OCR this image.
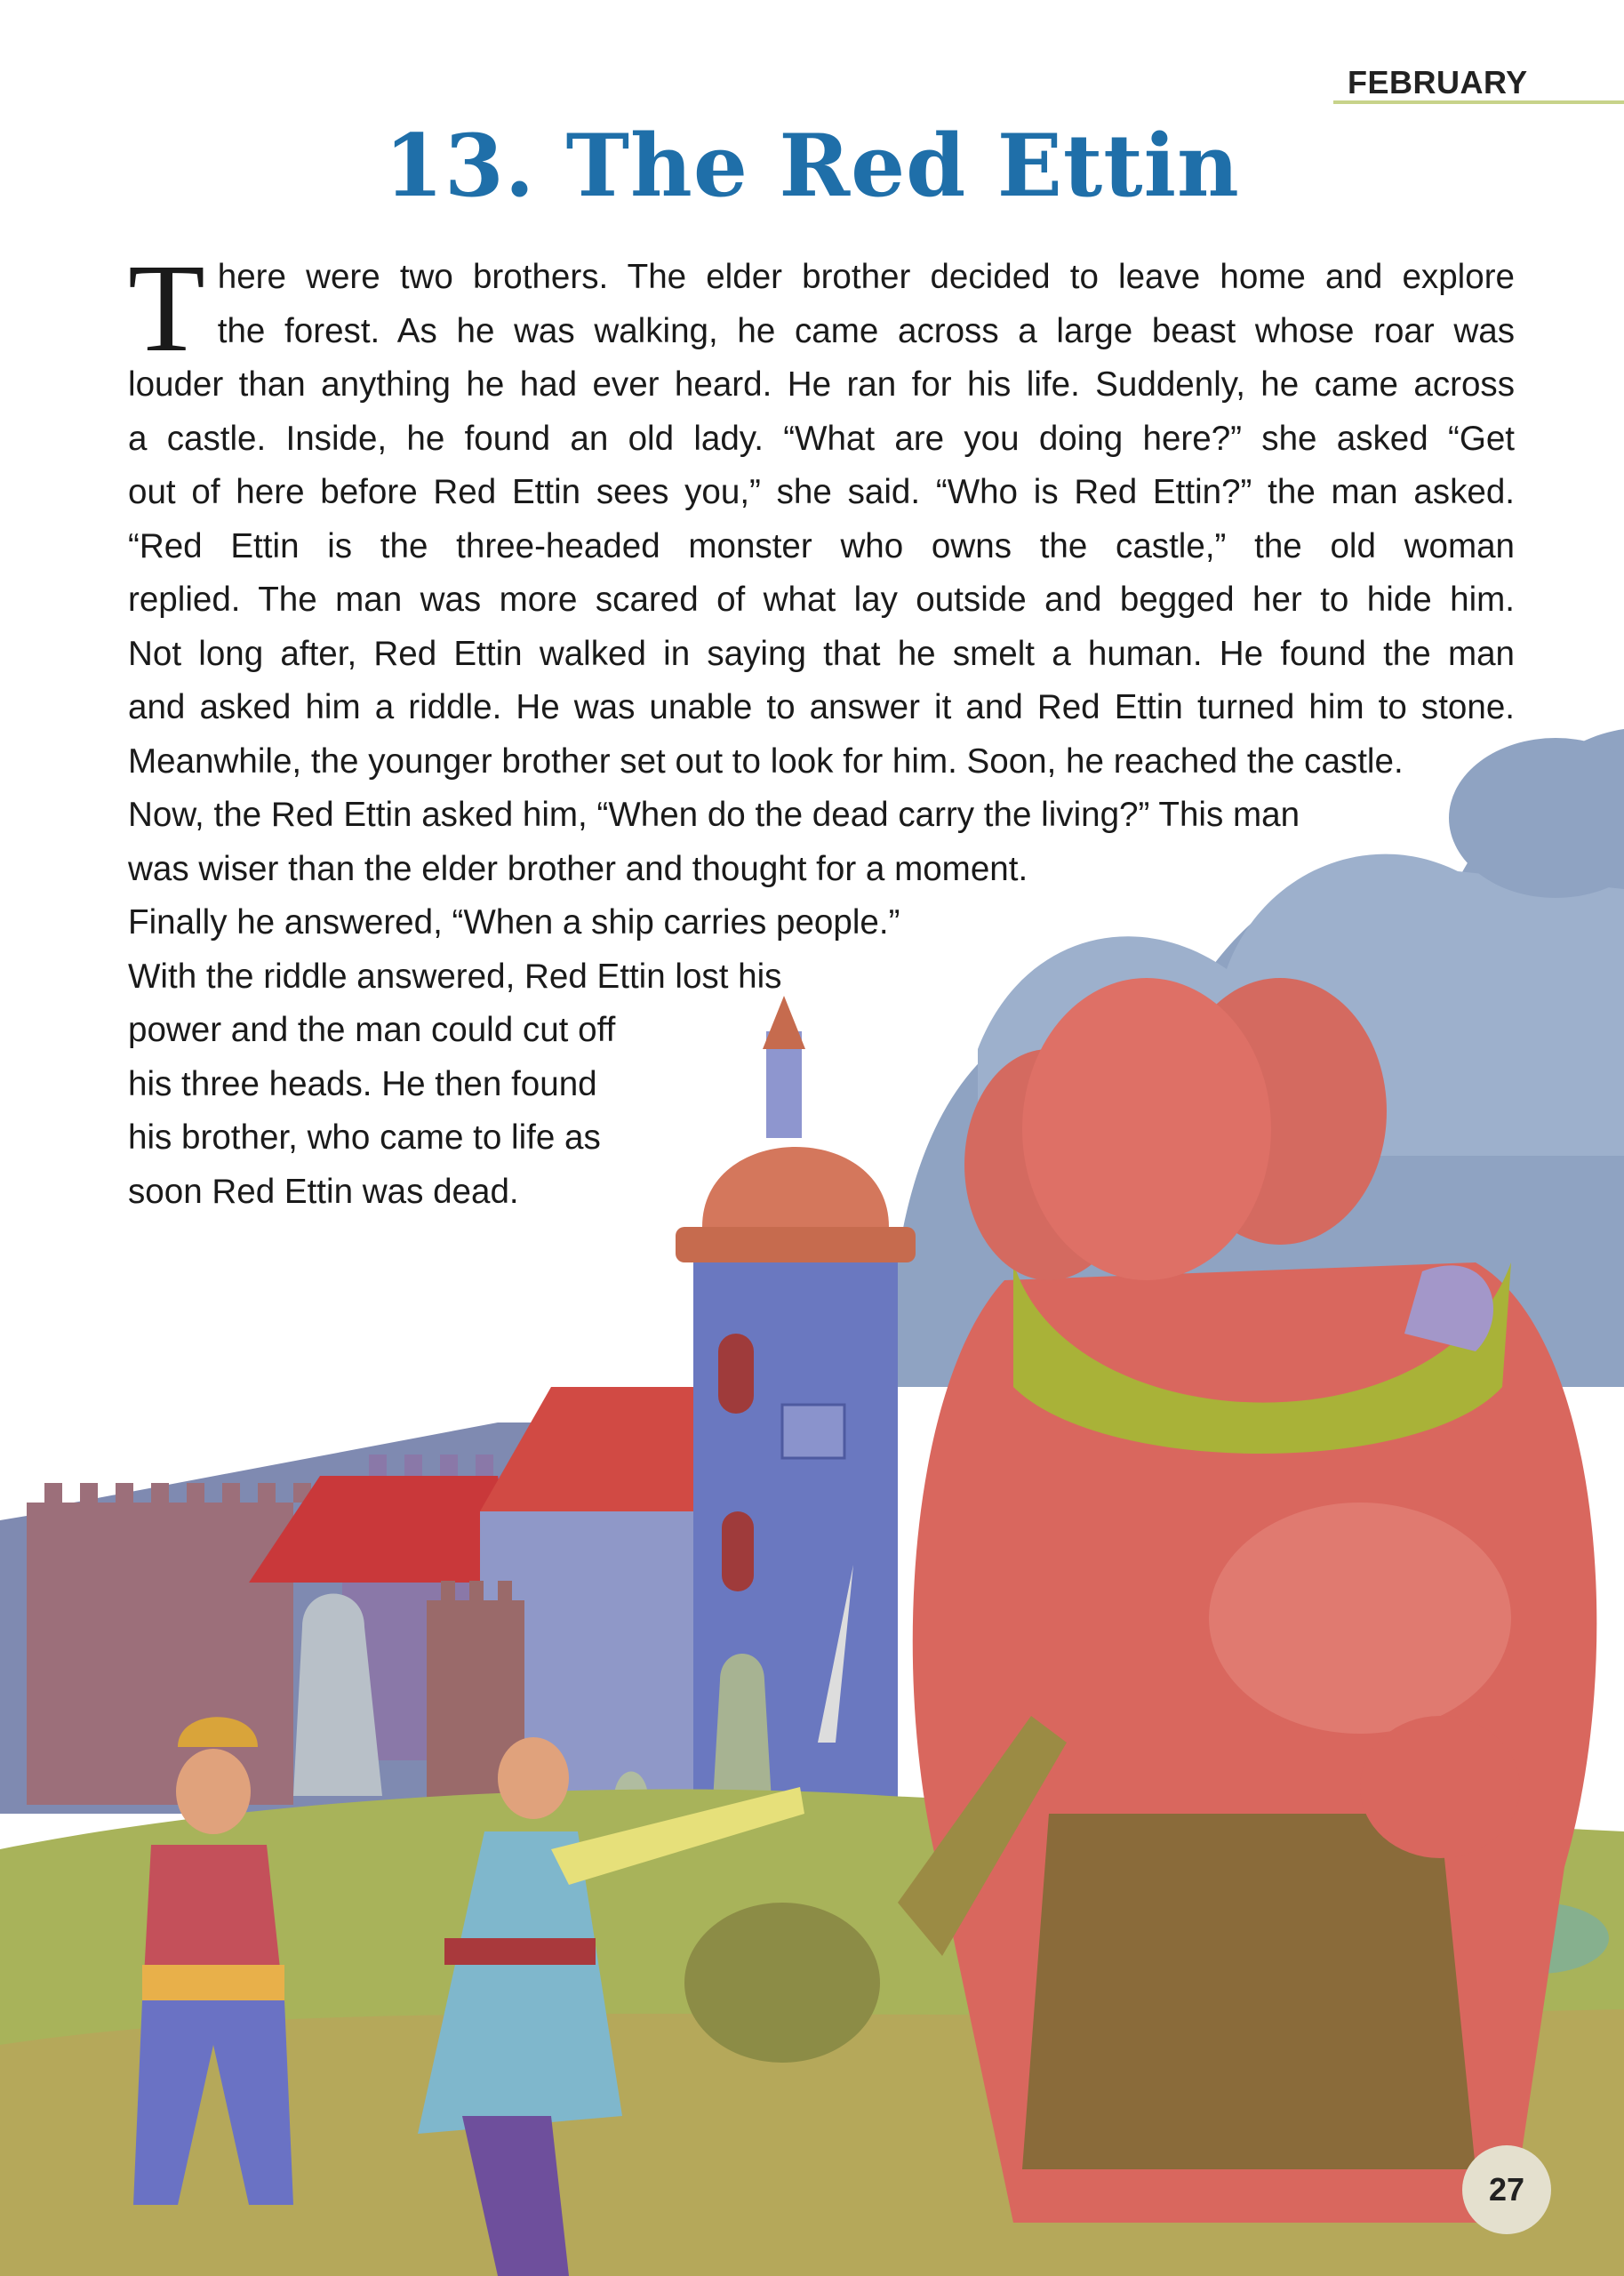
FEBRUARY
13. The Red Ettin
T here were two brothers. The elder brother decided to leave home and explore
the forest. As he was walking, he came across a large beast whose roar was
louder than anything he had ever heard. He ran for his life. Suddenly, he came across
a castle. Inside, he found an old lady. “What are you doing here?” she asked “Get
out of here before Red Ettin sees you,” she said. “Who is Red Ettin?” the man asked.
“Red Ettin is the three-headed monster who owns the castle,” the old woman
replied. The man was more scared of what lay outside and begged her to hide him.
Not long after, Red Ettin walked in saying that he smelt a human. He found the man
and asked him a riddle. He was unable to answer it and Red Ettin turned him to stone.
Meanwhile, the younger brother set out to look for him. Soon, he reached the castle.
Now, the Red Ettin asked him, “When do the dead carry the living?” This man
was wiser than the elder brother and thought for a moment.
Finally he answered, “When a ship carries people.”
With the riddle answered, Red Ettin lost his
power and the man could cut off
his three heads. He then found
his brother, who came to life as
soon Red Ettin was dead.
27
